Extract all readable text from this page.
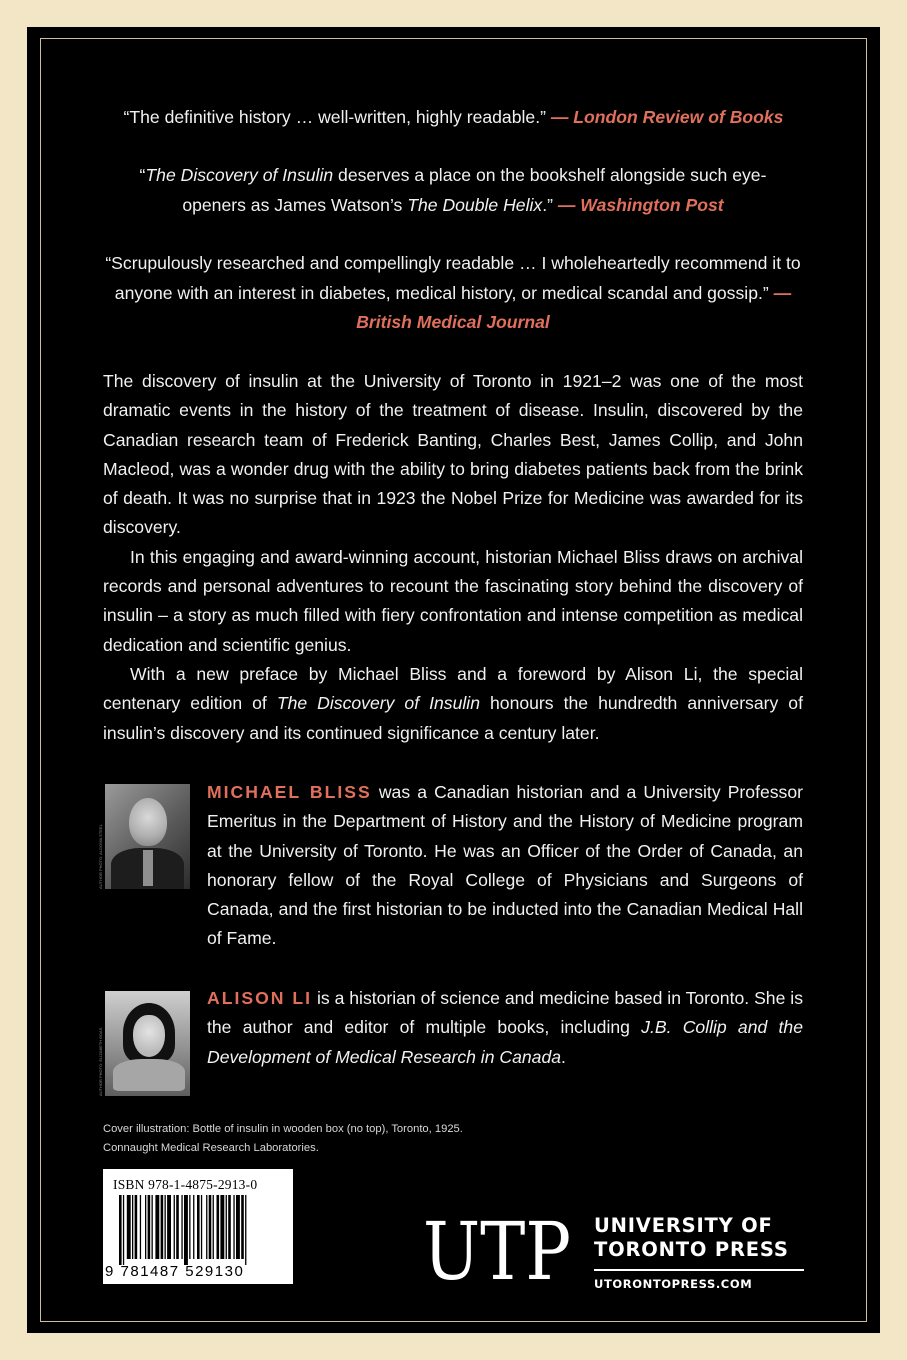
“The definitive history … well-written, highly readable.” — London Review of Books
“The Discovery of Insulin deserves a place on the bookshelf alongside such eye-openers as James Watson’s The Double Helix.” — Washington Post
“Scrupulously researched and compellingly readable … I wholeheartedly recommend it to anyone with an interest in diabetes, medical history, or medical scandal and gossip.” — British Medical Journal

The discovery of insulin at the University of Toronto in 1921–2 was one of the most dramatic events in the history of the treatment of disease. Insulin, discovered by the Canadian research team of Frederick Banting, Charles Best, James Collip, and John Macleod, was a wonder drug with the ability to bring diabetes patients back from the brink of death. It was no surprise that in 1923 the Nobel Prize for Medicine was awarded for its discovery.

In this engaging and award-winning account, historian Michael Bliss draws on archival records and personal adventures to recount the fascinating story behind the discovery of insulin – a story as much filled with fiery confrontation and intense competition as medical dedication and scientific genius.

With a new preface by Michael Bliss and a foreword by Alison Li, the special centenary edition of The Discovery of Insulin honours the hundredth anniversary of insulin’s discovery and its continued significance a century later.

AUTHOR PHOTO: ALGOMA STEEL
MICHAEL BLISS was a Canadian historian and a University Professor Emeritus in the Department of History and the History of Medicine program at the University of Toronto. He was an Officer of the Order of Canada, an honorary fellow of the Royal College of Physicians and Surgeons of Canada, and the first historian to be inducted into the Canadian Medical Hall of Fame.
AUTHOR PHOTO: ELIZABETH BOAS
ALISON LI is a historian of science and medicine based in Toronto. She is the author and editor of multiple books, including J.B. Collip and the Development of Medical Research in Canada.
Cover illustration: Bottle of insulin in wooden box (no top), Toronto, 1925.
Connaught Medical Research Laboratories.
ISBN 978-1-4875-2913-0
9 781487 529130	UTP UNIVERSITY OF
TORONTO PRESS
UTORONTOPRESS.COM
